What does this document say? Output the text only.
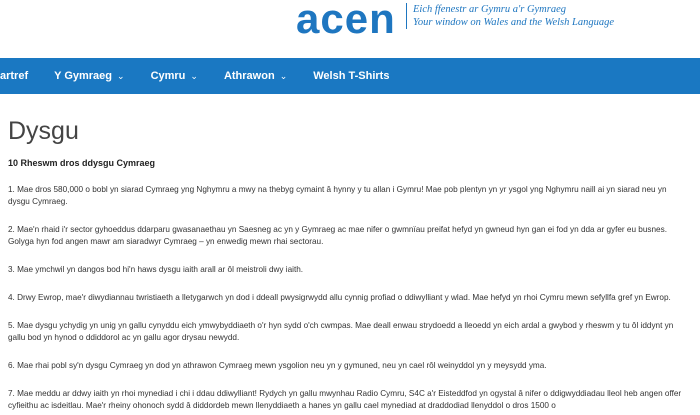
acen Eich ffenestr ar Gymru a'r Gymraeg
Your window on Wales and the Welsh Language
artref Y Gymraeg ⌄ Cymru ⌄ Athrawon ⌄ Welsh T-Shirts
Dysgu
10 Rheswm dros ddysgu Cymraeg

1. Mae dros 580,000 o bobl yn siarad Cymraeg yng Nghymru a mwy na thebyg cymaint â hynny y tu allan i Gymru! Mae pob plentyn yn yr ysgol yng Nghymru naill ai yn siarad neu yn dysgu Cymraeg.

2. Mae'n rhaid i'r sector gyhoeddus ddarparu gwasanaethau yn Saesneg ac yn y Gymraeg ac mae nifer o gwmnïau preifat hefyd yn gwneud hyn gan ei fod yn dda ar gyfer eu busnes. Golyga hyn fod angen mawr am siaradwyr Cymraeg – yn enwedig mewn rhai sectorau.

3. Mae ymchwil yn dangos bod hi'n haws dysgu iaith arall ar ôl meistroli dwy iaith.

4. Drwy Ewrop, mae'r diwydiannau twristiaeth a lletygarwch yn dod i ddeall pwysigrwydd allu cynnig profiad o ddiwylliant y wlad. Mae hefyd yn rhoi Cymru mewn sefyllfa gref yn Ewrop.

5. Mae dysgu ychydig yn unig yn gallu cynyddu eich ymwybyddiaeth o'r hyn sydd o'ch cwmpas. Mae deall enwau strydoedd a lleoedd yn eich ardal a gwybod y rheswm y tu ôl iddynt yn gallu bod yn hynod o ddiddorol ac yn gallu agor drysau newydd.

6. Mae rhai pobl sy'n dysgu Cymraeg yn dod yn athrawon Cymraeg mewn ysgolion neu yn y gymuned, neu yn cael rôl weinyddol yn y meysydd yma.

7. Mae meddu ar ddwy iaith yn rhoi mynediad i chi i ddau ddiwylliant! Rydych yn gallu mwynhau Radio Cymru, S4C a'r Eisteddfod yn ogystal â nifer o ddigwyddiadau lleol heb angen offer cyfieithu ac isdeitlau. Mae'r rheiny ohonoch sydd â diddordeb mewn llenyddiaeth a hanes yn gallu cael mynediad at draddodiad llenyddol o dros 1500 o
